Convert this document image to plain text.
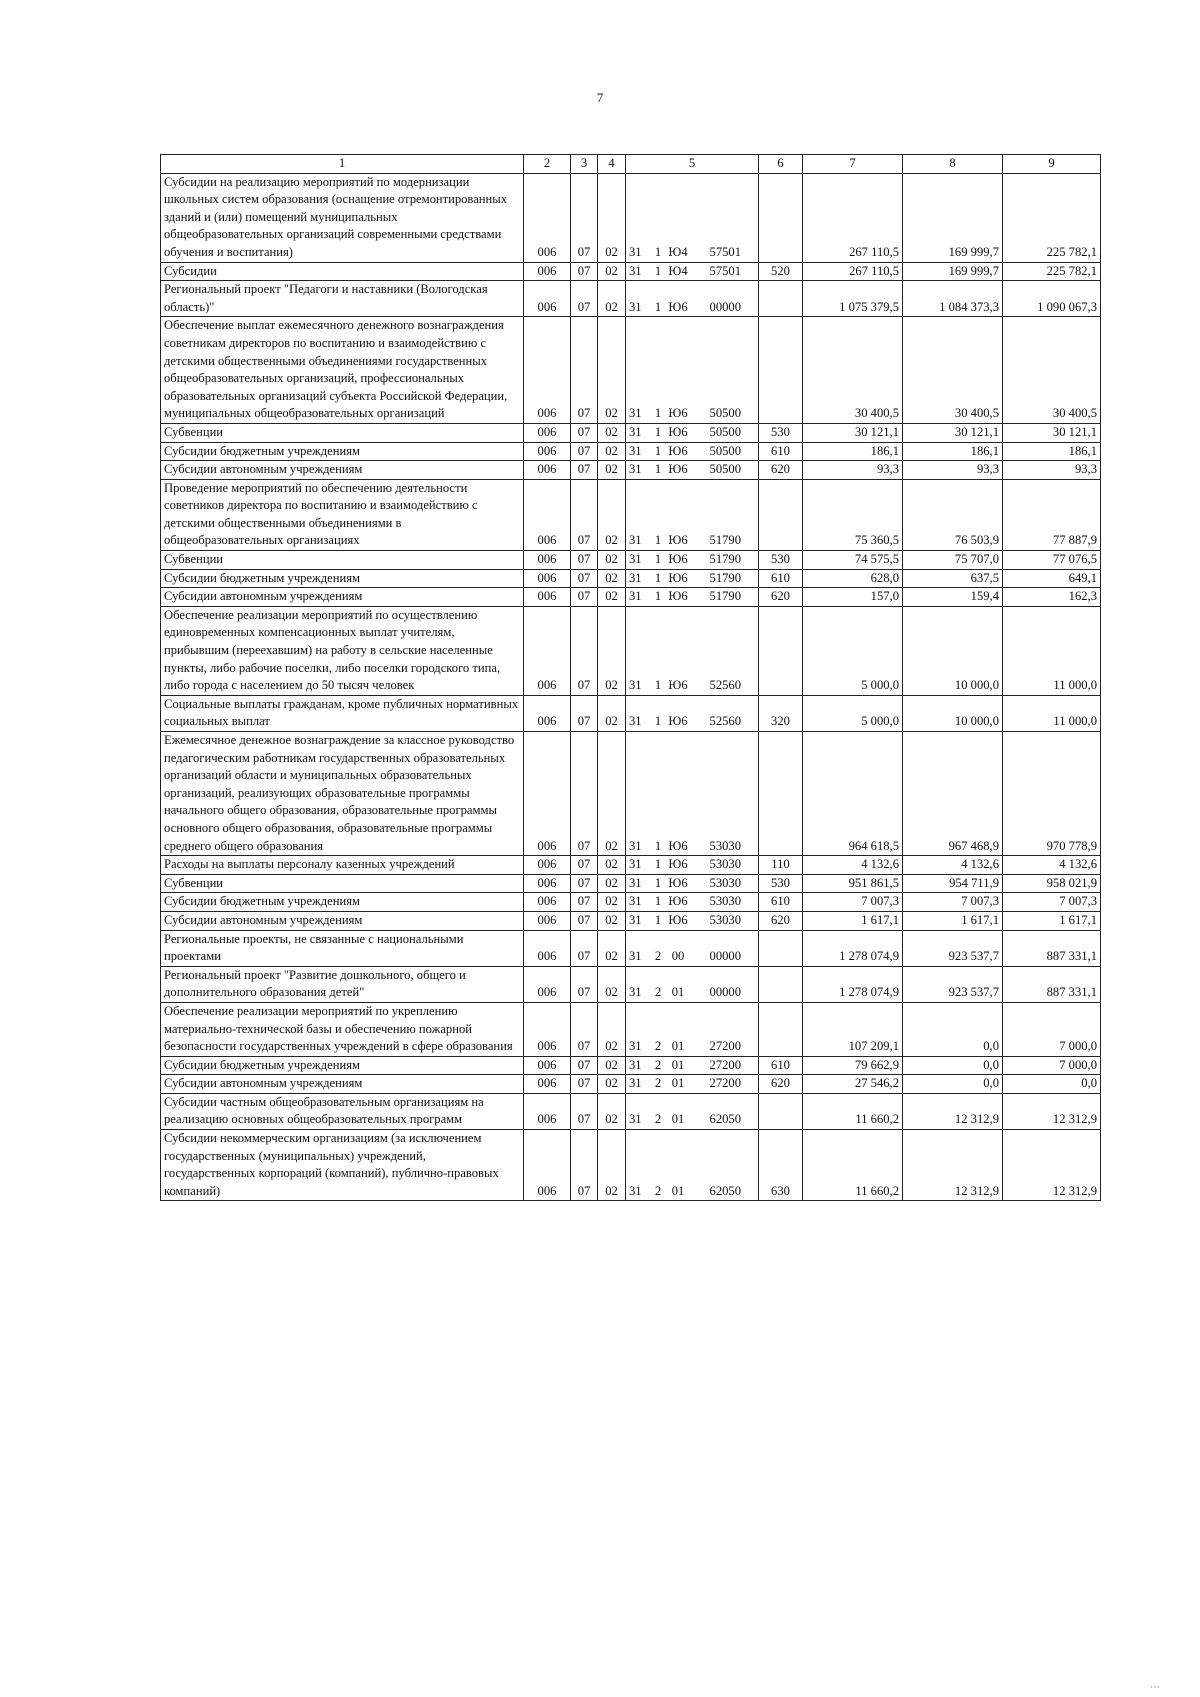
7
1	2	3	4	5	6	7	8	9
Субсидии на реализацию мероприятий по модернизации школьных систем образования (оснащение отремонтированных зданий и (или) помещений муниципальных общеобразовательных организаций современными средствами обучения и воспитания)	006	07	02	31 1 Ю4 57501		267 110,5	169 999,7	225 782,1
Субсидии	006	07	02	31 1 Ю4 57501	520	267 110,5	169 999,7	225 782,1
Региональный проект "Педагоги и наставники (Вологодская область)"	006	07	02	31 1 Ю6 00000		1 075 379,5	1 084 373,3	1 090 067,3
Обеспечение выплат ежемесячного денежного вознаграждения советникам директоров по воспитанию и взаимодействию с детскими общественными объединениями государственных общеобразовательных организаций, профессиональных образовательных организаций субъекта Российской Федерации, муниципальных общеобразовательных организаций	006	07	02	31 1 Ю6 50500		30 400,5	30 400,5	30 400,5
Субвенции	006	07	02	31 1 Ю6 50500	530	30 121,1	30 121,1	30 121,1
Субсидии бюджетным учреждениям	006	07	02	31 1 Ю6 50500	610	186,1	186,1	186,1
Субсидии автономным учреждениям	006	07	02	31 1 Ю6 50500	620	93,3	93,3	93,3
Проведение мероприятий по обеспечению деятельности советников директора по воспитанию и взаимодействию с детскими общественными объединениями в общеобразовательных организациях	006	07	02	31 1 Ю6 51790		75 360,5	76 503,9	77 887,9
Субвенции	006	07	02	31 1 Ю6 51790	530	74 575,5	75 707,0	77 076,5
Субсидии бюджетным учреждениям	006	07	02	31 1 Ю6 51790	610	628,0	637,5	649,1
Субсидии автономным учреждениям	006	07	02	31 1 Ю6 51790	620	157,0	159,4	162,3
Обеспечение реализации мероприятий по осуществлению единовременных компенсационных выплат учителям, прибывшим (переехавшим) на работу в сельские населенные пункты, либо рабочие поселки, либо поселки городского типа, либо города с населением до 50 тысяч человек	006	07	02	31 1 Ю6 52560		5 000,0	10 000,0	11 000,0
Социальные выплаты гражданам, кроме публичных нормативных социальных выплат	006	07	02	31 1 Ю6 52560	320	5 000,0	10 000,0	11 000,0
Ежемесячное денежное вознаграждение за классное руководство педагогическим работникам государственных образовательных организаций области и муниципальных образовательных организаций, реализующих образовательные программы начального общего образования, образовательные программы основного общего образования, образовательные программы среднего общего образования	006	07	02	31 1 Ю6 53030		964 618,5	967 468,9	970 778,9
Расходы на выплаты персоналу казенных учреждений	006	07	02	31 1 Ю6 53030	110	4 132,6	4 132,6	4 132,6
Субвенции	006	07	02	31 1 Ю6 53030	530	951 861,5	954 711,9	958 021,9
Субсидии бюджетным учреждениям	006	07	02	31 1 Ю6 53030	610	7 007,3	7 007,3	7 007,3
Субсидии автономным учреждениям	006	07	02	31 1 Ю6 53030	620	1 617,1	1 617,1	1 617,1
Региональные проекты, не связанные с национальными проектами	006	07	02	31 2 00 00000		1 278 074,9	923 537,7	887 331,1
Региональный проект "Развитие дошкольного, общего и дополнительного образования детей"	006	07	02	31 2 01 00000		1 278 074,9	923 537,7	887 331,1
Обеспечение реализации мероприятий по укреплению материально-технической базы и обеспечению пожарной безопасности государственных учреждений в сфере образования	006	07	02	31 2 01 27200		107 209,1	0,0	7 000,0
Субсидии бюджетным учреждениям	006	07	02	31 2 01 27200	610	79 662,9	0,0	7 000,0
Субсидии автономным учреждениям	006	07	02	31 2 01 27200	620	27 546,2	0,0	0,0
Субсидии частным общеобразовательным организациям на реализацию основных общеобразовательных программ	006	07	02	31 2 01 62050		11 660,2	12 312,9	12 312,9
Субсидии некоммерческим организациям (за исключением государственных (муниципальных) учреждений, государственных корпораций (компаний), публично-правовых компаний)	006	07	02	31 2 01 62050	630	11 660,2	12 312,9	12 312,9
⋯
